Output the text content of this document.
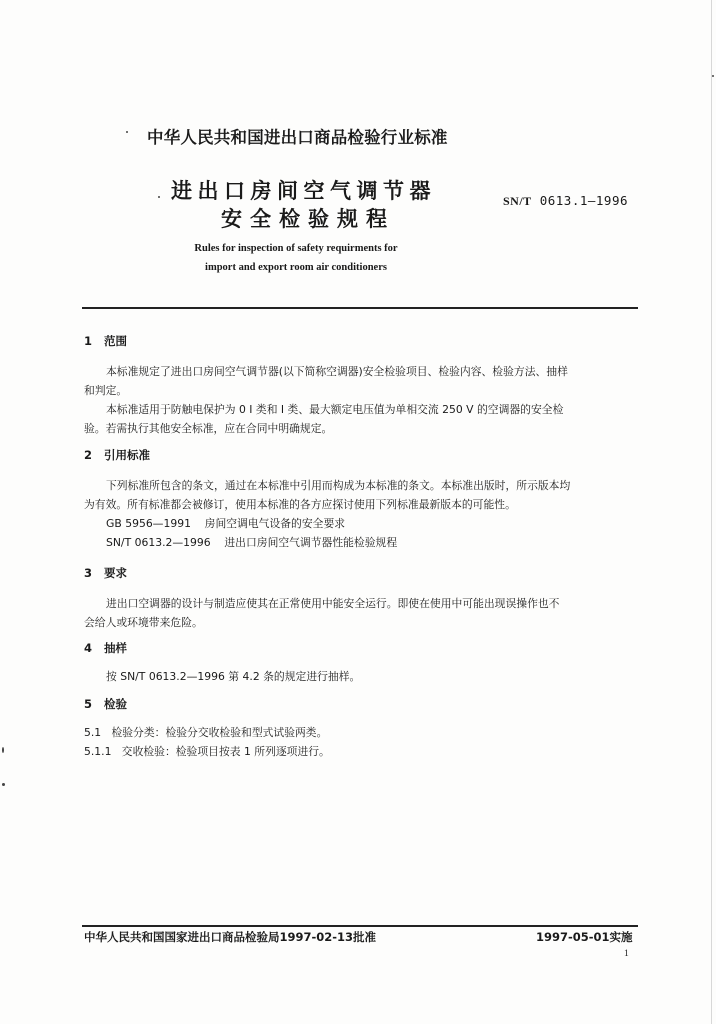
中华人民共和国进出口商品检验行业标准
进出口房间空气调节器
安全检验规程
SN/T 0613.1—1996
Rules for inspection of safety requirments for
import and export room air conditioners
1 范围
本标准规定了进出口房间空气调节器(以下简称空调器)安全检验项目、检验内容、检验方法、抽样
和判定。
本标准适用于防触电保护为 0 I 类和 I 类、最大额定电压值为单相交流 250 V 的空调器的安全检
验。若需执行其他安全标准，应在合同中明确规定。
2 引用标准
下列标准所包含的条文，通过在本标准中引用而构成为本标准的条文。本标准出版时，所示版本均
为有效。所有标准都会被修订，使用本标准的各方应探讨使用下列标准最新版本的可能性。
GB 5956—1991    房间空调电气设备的安全要求
SN/T 0613.2—1996    进出口房间空气调节器性能检验规程
3 要求
进出口空调器的设计与制造应使其在正常使用中能安全运行。即使在使用中可能出现误操作也不
会给人或环境带来危险。
4 抽样
按 SN/T 0613.2—1996 第 4.2 条的规定进行抽样。
5 检验
5.1   检验分类：检验分交收检验和型式试验两类。
5.1.1   交收检验：检验项目按表 1 所列逐项进行。
中华人民共和国国家进出口商品检验局1997-02-13批准	1997-05-01实施
1
